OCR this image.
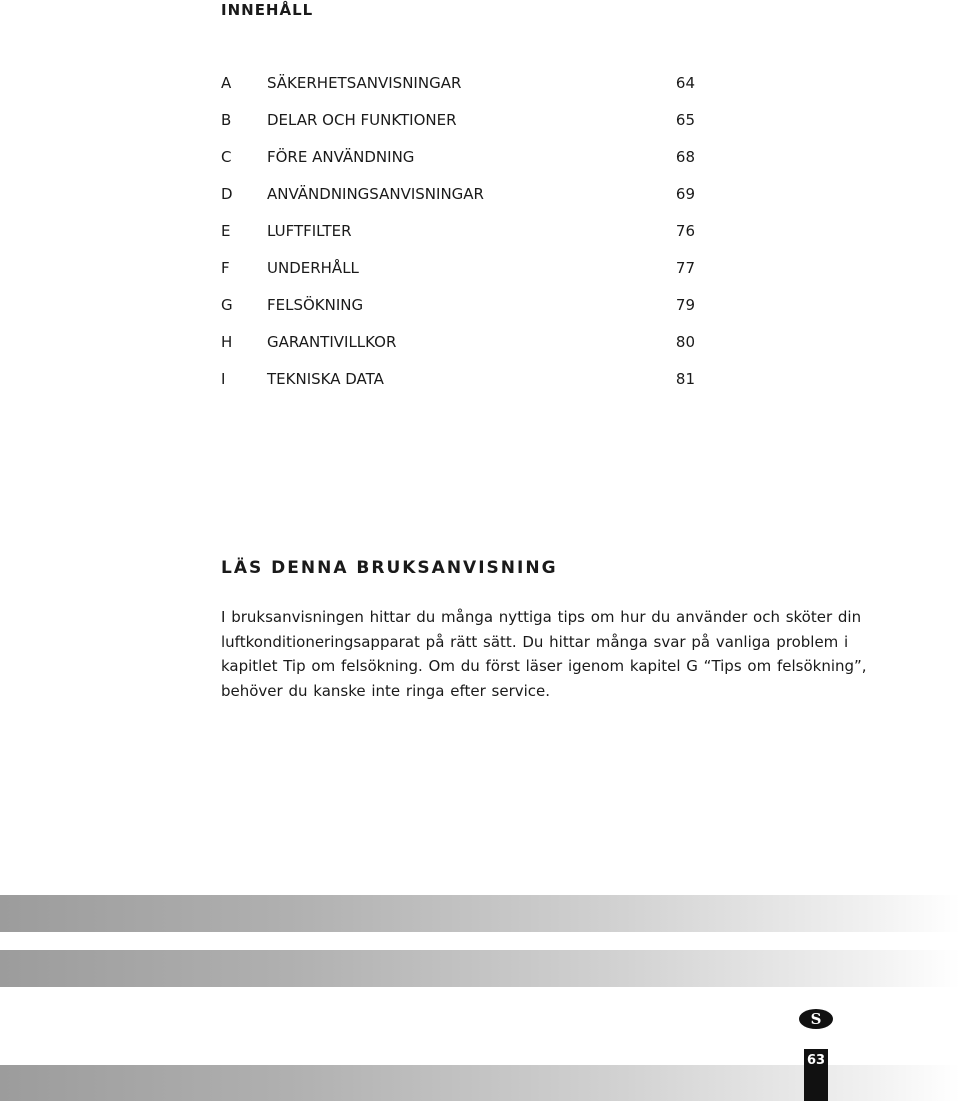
INNEHÅLL
A SÄKERHETSANVISNINGAR	64
B DELAR OCH FUNKTIONER	65
C FÖRE ANVÄNDNING	68
D ANVÄNDNINGSANVISNINGAR	69
E LUFTFILTER	76
F UNDERHÅLL	77
G FELSÖKNING	79
H GARANTIVILLKOR	80
I	TEKNISKA DATA	81
LÄS DENNA BRUKSANVISNING

I bruksanvisningen hittar du många nyttiga tips om hur du använder och sköter din luftkonditioneringsapparat på rätt sätt. Du hittar många svar på vanliga problem i kapitlet Tip om felsökning. Om du först läser igenom kapitel G “Tips om felsökning”, behöver du kanske inte ringa efter service.

S
63
